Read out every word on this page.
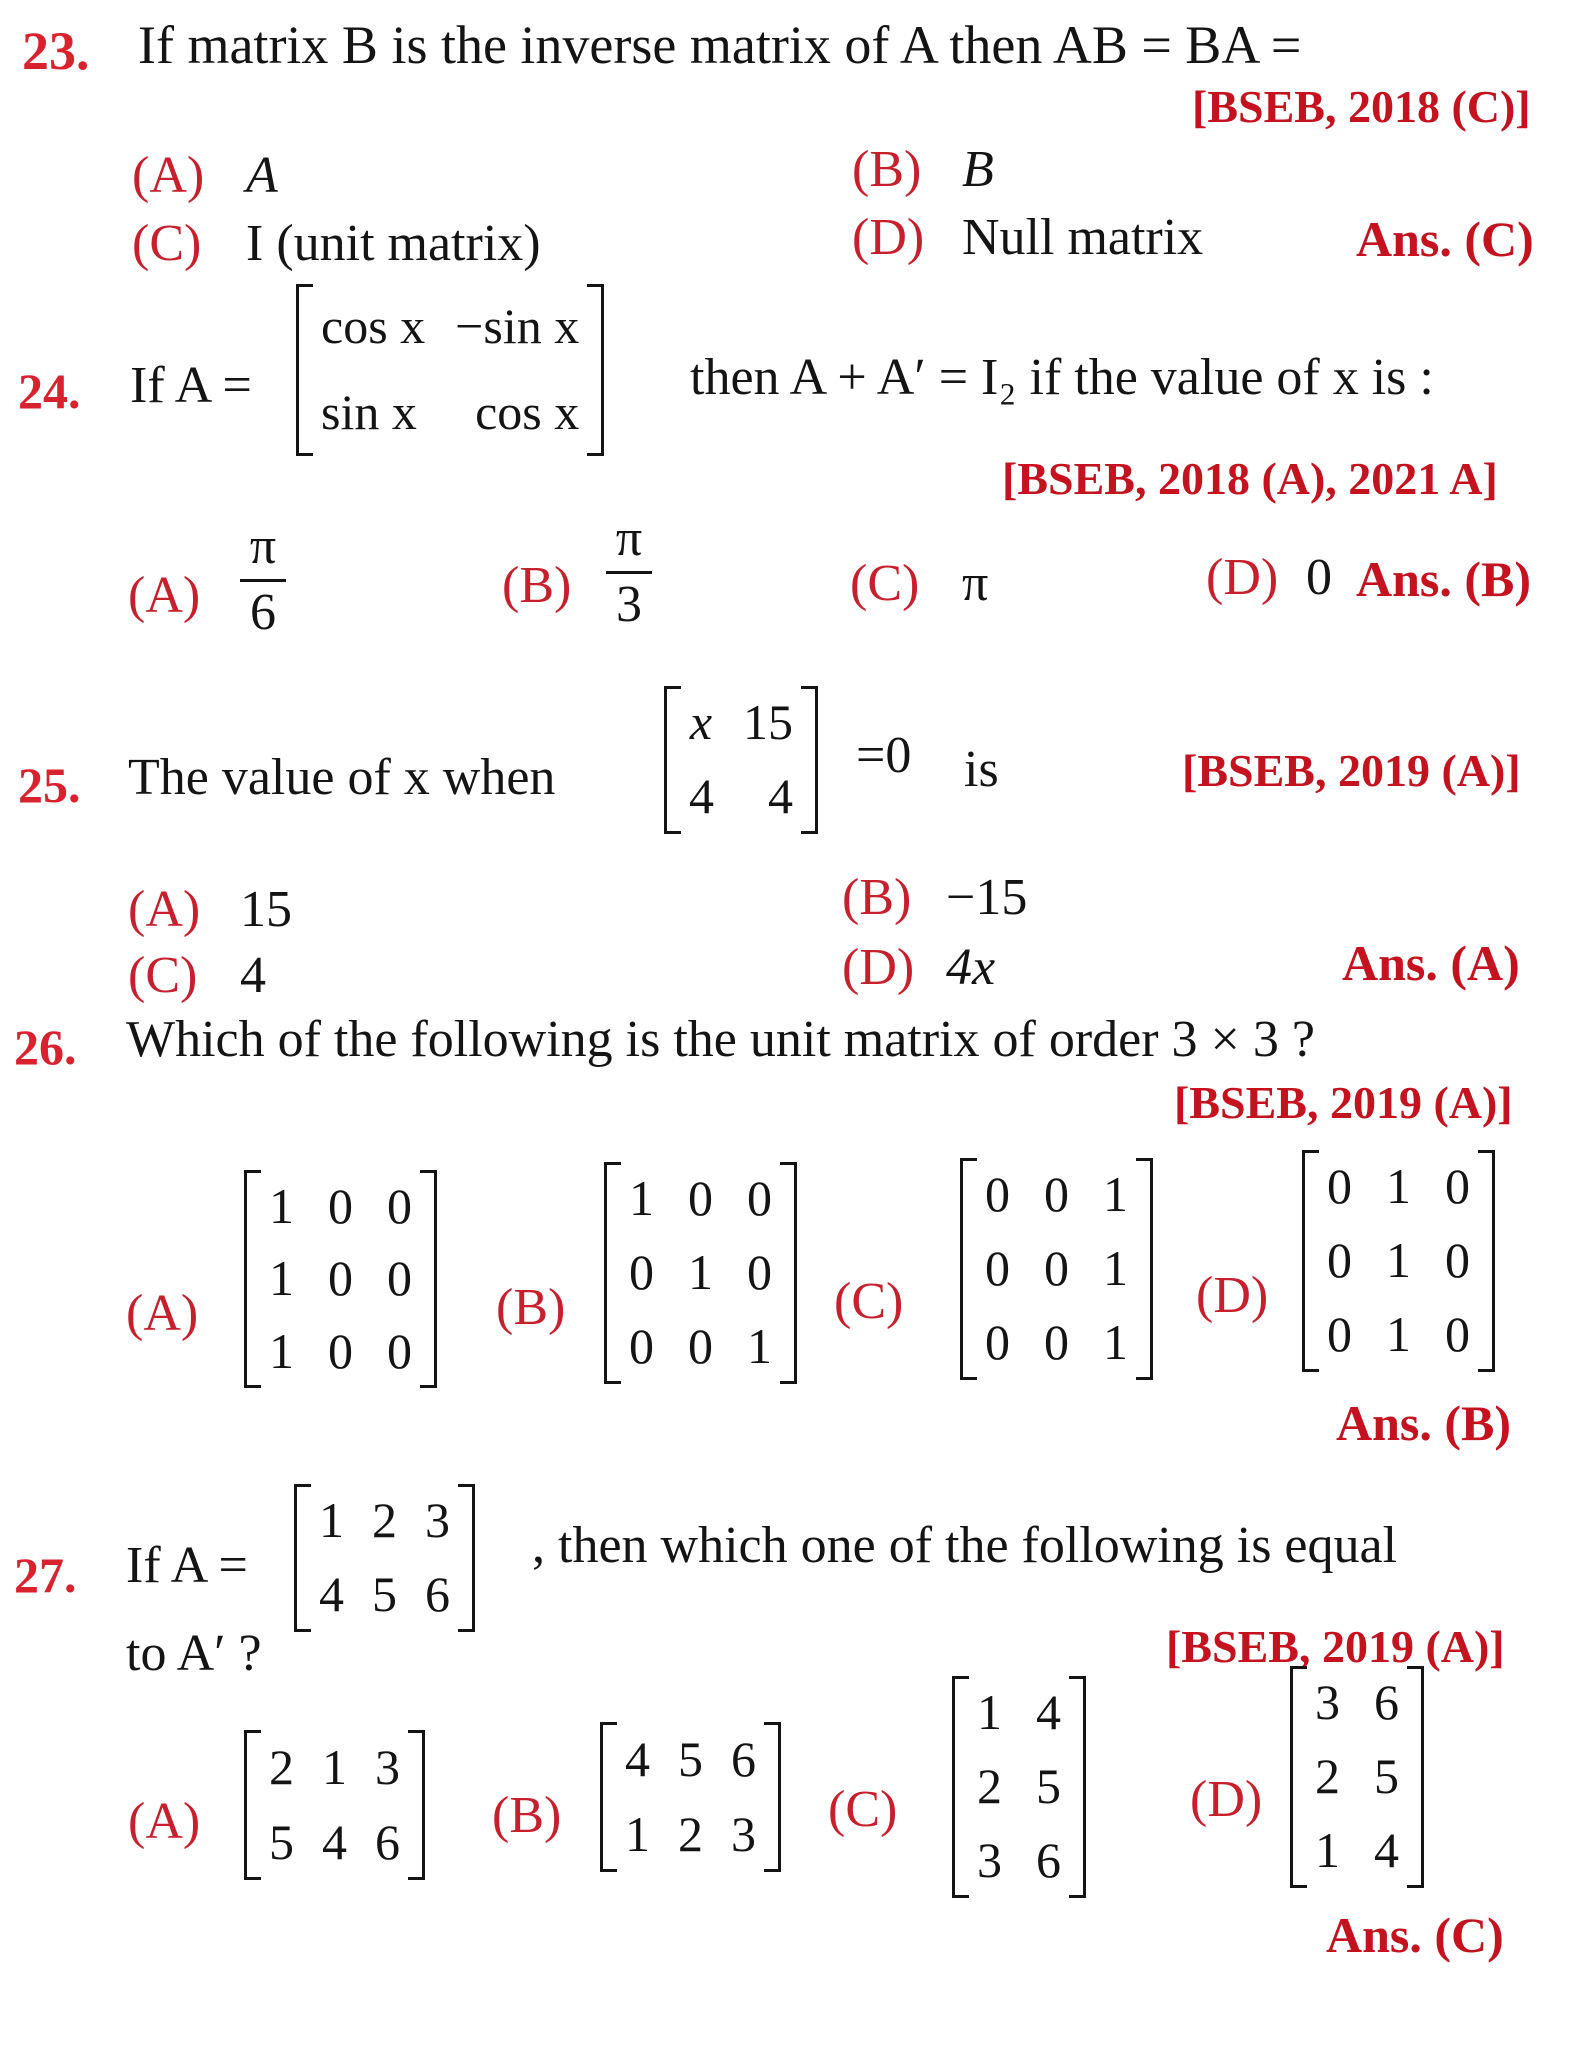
23. If matrix B is the inverse matrix of A then AB = BA =
[BSEB, 2018 (C)]
(A) A	(B) B
(C) I (unit matrix)	(D) Null matrix	Ans. (C)
24. If A =
cos x −sin x
sin x cos x
then A + A′ = I₂ if the value of x is :
[BSEB, 2018 (A), 2021 A]
(A)
π
6	(B)
π
3	(C) π	(D) 0 Ans. (B)
25. The value of x when
x 15
4 4
=0 is	[BSEB, 2019 (A)]
(A) 15	(B) −15
(C) 4	(D) 4x	Ans. (A)
26. Which of the following is the unit matrix of order 3 × 3 ?
[BSEB, 2019 (A)]
(A)
1 0 0
1 0 0
1 0 0
(B)
1 0 0
0 1 0
0 0 1
(C)
0 0 1
0 0 1
0 0 1
(D)
0 1 0
0 1 0
0 1 0
Ans. (B)
27. If A =
1 2 3
4 5 6
, then which one of the following is equal
to A′ ?	[BSEB, 2019 (A)]
(A)
2 1 3
5 4 6 (B)
4 5 6
1 2 3 (C)
1 4
2 5
3 6
(D)
3 6
2 5
1 4
Ans. (C)
